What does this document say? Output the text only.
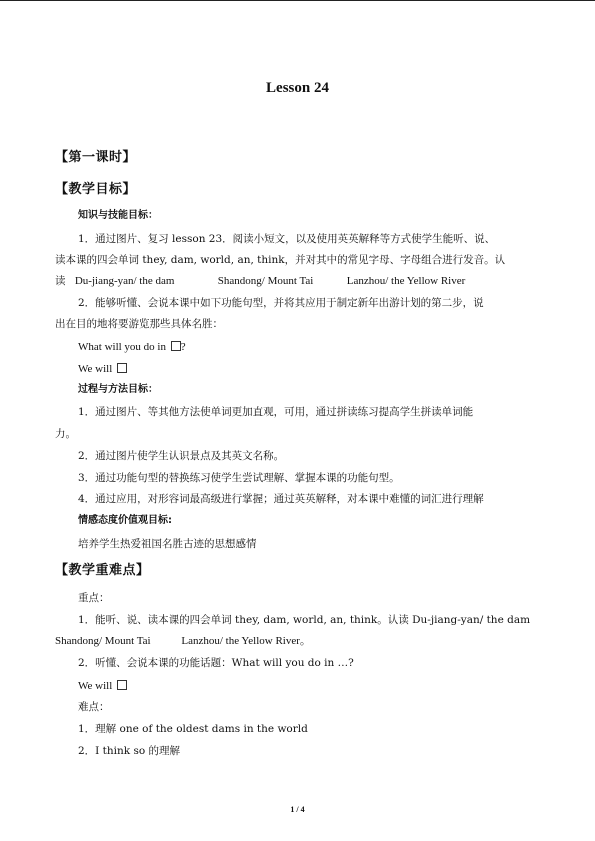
Lesson 24
【第一课时】
【教学目标】
知识与技能目标：
1．通过图片、复习 lesson 23．阅读小短文，以及使用英英解释等方式使学生能听、说、
读本课的四会单词 they, dam, world, an, think，并对其中的常见字母、字母组合进行发音。认
读 Du-jiang-yan/ the dam	Shandong/ Mount Tai	Lanzhou/ the Yellow River
2．能够听懂、会说本课中如下功能句型，并将其应用于制定新年出游计划的第二步，说
出在目的地将要游览那些具体名胜：
What will you do in ?
We will
过程与方法目标：
1．通过图片、等其他方法使单词更加直观，可用，通过拼读练习提高学生拼读单词能
力。
2．通过图片使学生认识景点及其英文名称。
3．通过功能句型的替换练习使学生尝试理解、掌握本课的功能句型。
4．通过应用，对形容词最高级进行掌握；通过英英解释，对本课中难懂的词汇进行理解
情感态度价值观目标:
培养学生热爱祖国名胜古迹的思想感情
【教学重难点】
重点：
1．能听、说、读本课的四会单词 they, dam, world, an, think。认读 Du-jiang-yan/ the dam
Shandong/ Mount Tai	Lanzhou/ the Yellow River。
2．听懂、会说本课的功能话题：What will you do in …?
We will
难点：
1．理解 one of the oldest dams in the world
2．I think so 的理解
1 / 4
